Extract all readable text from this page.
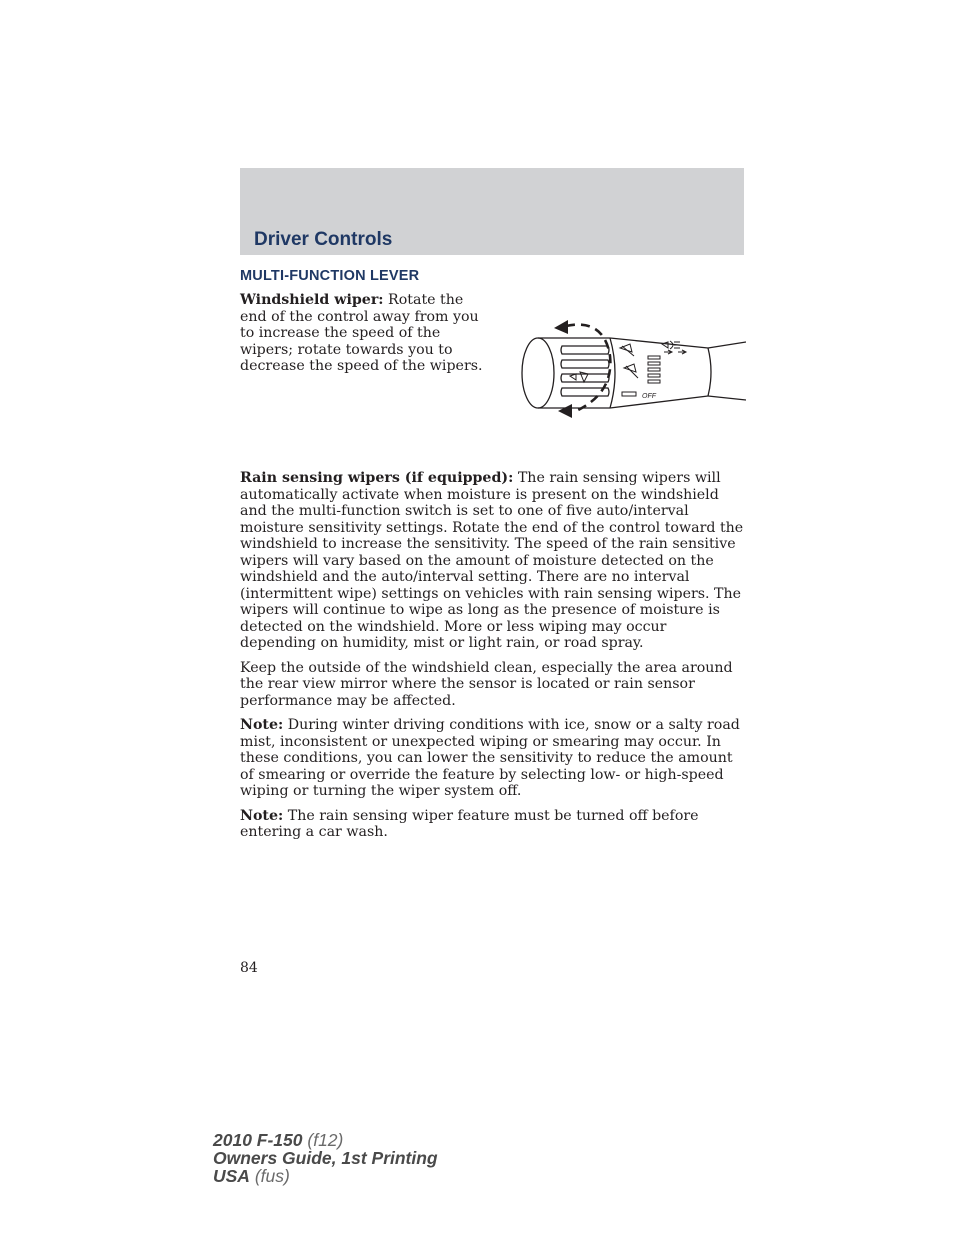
Driver Controls
MULTI-FUNCTION LEVER

Windshield wiper: Rotate the end of the control away from you to increase the speed of the wipers; rotate towards you to decrease the speed of the wipers.

OFF

Rain sensing wipers (if equipped): The rain sensing wipers will automatically activate when moisture is present on the windshield and the multi-function switch is set to one of five auto/interval moisture sensitivity settings. Rotate the end of the control toward the windshield to increase the sensitivity. The speed of the rain sensitive wipers will vary based on the amount of moisture detected on the windshield and the auto/interval setting. There are no interval (intermittent wipe) settings on vehicles with rain sensing wipers. The wipers will continue to wipe as long as the presence of moisture is detected on the windshield. More or less wiping may occur depending on humidity, mist or light rain, or road spray.

Keep the outside of the windshield clean, especially the area around the rear view mirror where the sensor is located or rain sensor performance may be affected.

Note: During winter driving conditions with ice, snow or a salty road mist, inconsistent or unexpected wiping or smearing may occur. In these conditions, you can lower the sensitivity to reduce the amount of smearing or override the feature by selecting low- or high-speed wiping or turning the wiper system off.

Note: The rain sensing wiper feature must be turned off before entering a car wash.

84
2010 F-150 (f12)
Owners Guide, 1st Printing
USA (fus)
